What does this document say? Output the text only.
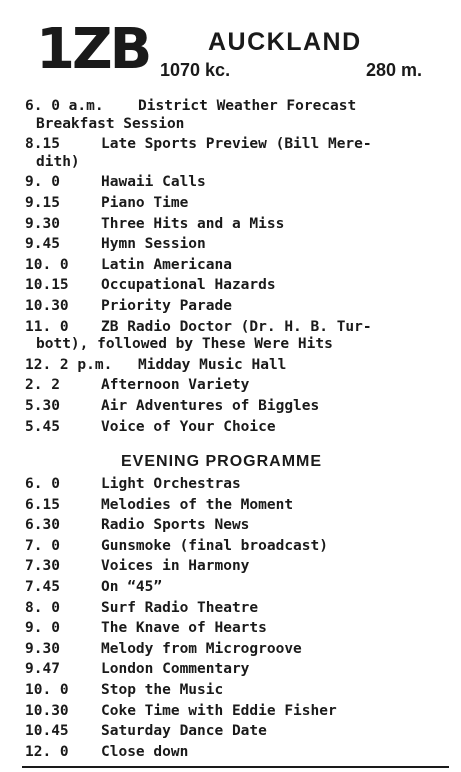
1ZB AUCKLAND
1070 kc.	280 m.
6. 0 a.m. District Weather Forecast
Breakfast Session
8.15	Late Sports Preview (Bill Mere-
dith)
9. 0	Hawaii Calls
9.15	Piano Time
9.30	Three Hits and a Miss
9.45	Hymn Session
10. 0 Latin Americana
10.15 Occupational Hazards
10.30 Priority Parade
11. 0 ZB Radio Doctor (Dr. H. B. Tur-
bott), followed by These Were Hits
12. 2 p.m. Midday Music Hall
2. 2	Afternoon Variety
5.30	Air Adventures of Biggles
5.45	Voice of Your Choice
EVENING PROGRAMME
6. 0	Light Orchestras
6.15	Melodies of the Moment
6.30	Radio Sports News
7. 0	Gunsmoke (final broadcast)
7.30	Voices in Harmony
7.45	On “45”
8. 0	Surf Radio Theatre
9. 0	The Knave of Hearts
9.30	Melody from Microgroove
9.47	London Commentary
10. 0 Stop the Music
10.30 Coke Time with Eddie Fisher
10.45 Saturday Dance Date
12. 0 Close down
